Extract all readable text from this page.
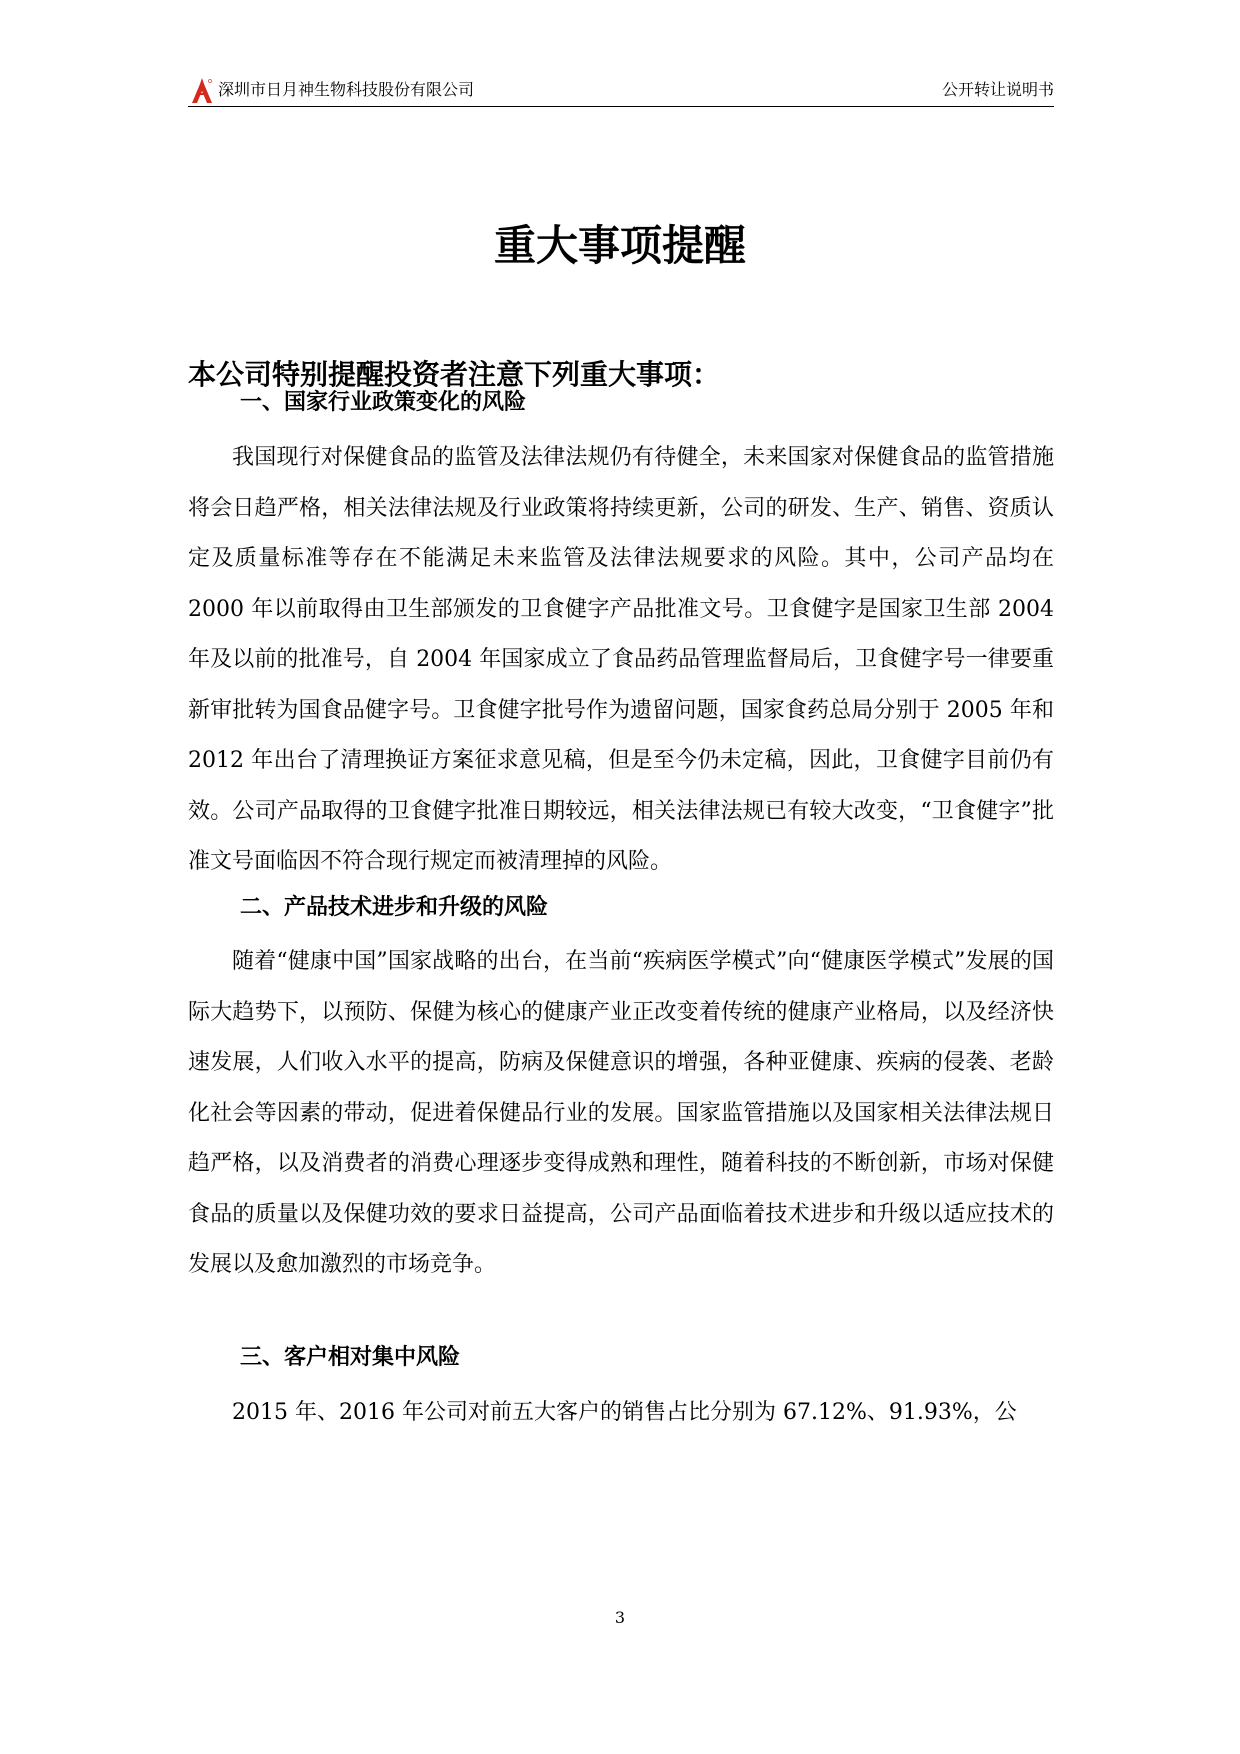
深圳市日月神生物科技股份有限公司	公开转让说明书
重大事项提醒

本公司特别提醒投资者注意下列重大事项：

一、国家行业政策变化的风险

我国现行对保健食品的监管及法律法规仍有待健全，未来国家对保健食品的监管措施将会日趋严格，相关法律法规及行业政策将持续更新，公司的研发、生产、销售、资质认定及质量标准等存在不能满足未来监管及法律法规要求的风险。其中，公司产品均在 2000 年以前取得由卫生部颁发的卫食健字产品批准文号。卫食健字是国家卫生部 2004 年及以前的批准号，自 2004 年国家成立了食品药品管理监督局后，卫食健字号一律要重新审批转为国食品健字号。卫食健字批号作为遗留问题，国家食药总局分别于 2005 年和 2012 年出台了清理换证方案征求意见稿，但是至今仍未定稿，因此，卫食健字目前仍有效。公司产品取得的卫食健字批准日期较远，相关法律法规已有较大改变，“卫食健字”批准文号面临因不符合现行规定而被清理掉的风险。

二、产品技术进步和升级的风险

随着“健康中国”国家战略的出台，在当前“疾病医学模式”向“健康医学模式”发展的国际大趋势下，以预防、保健为核心的健康产业正改变着传统的健康产业格局，以及经济快速发展，人们收入水平的提高，防病及保健意识的增强，各种亚健康、疾病的侵袭、老龄化社会等因素的带动，促进着保健品行业的发展。国家监管措施以及国家相关法律法规日趋严格，以及消费者的消费心理逐步变得成熟和理性，随着科技的不断创新，市场对保健食品的质量以及保健功效的要求日益提高，公司产品面临着技术进步和升级以适应技术的发展以及愈加激烈的市场竞争。

三、客户相对集中风险

2015 年、2016 年公司对前五大客户的销售占比分别为 67.12%、91.93%，公

3
